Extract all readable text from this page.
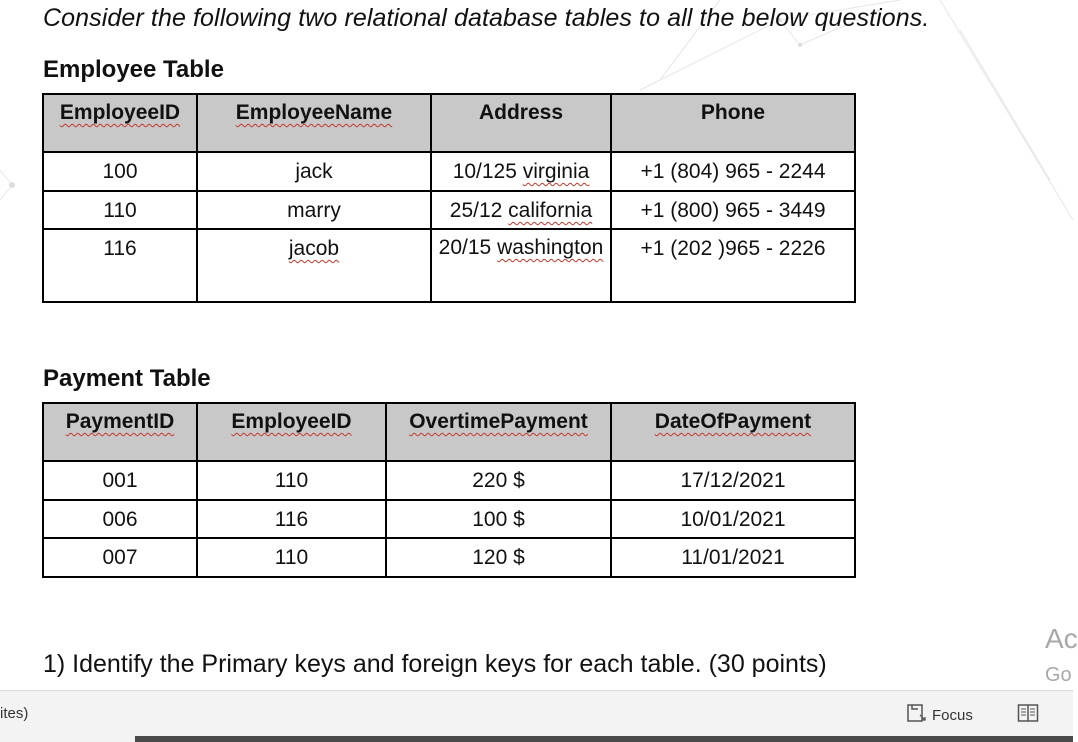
Consider the following two relational database tables to all the below questions.
Employee Table
EmployeeID	EmployeeName	Address	Phone
100	jack	10/125 virginia	+1 (804) 965 - 2244
110	marry	25/12 california	+1 (800) 965 - 3449
116	jacob	20/15 washington	+1 (202 )965 - 2226
Payment Table
PaymentID	EmployeeID	OvertimePayment	DateOfPayment
001	110	220 $	17/12/2021
006	116	100 $	10/01/2021
007	110	120 $	11/01/2021
1) Identify the Primary keys and foreign keys for each table. (30 points)
Ac
Go
ites)	Focus
